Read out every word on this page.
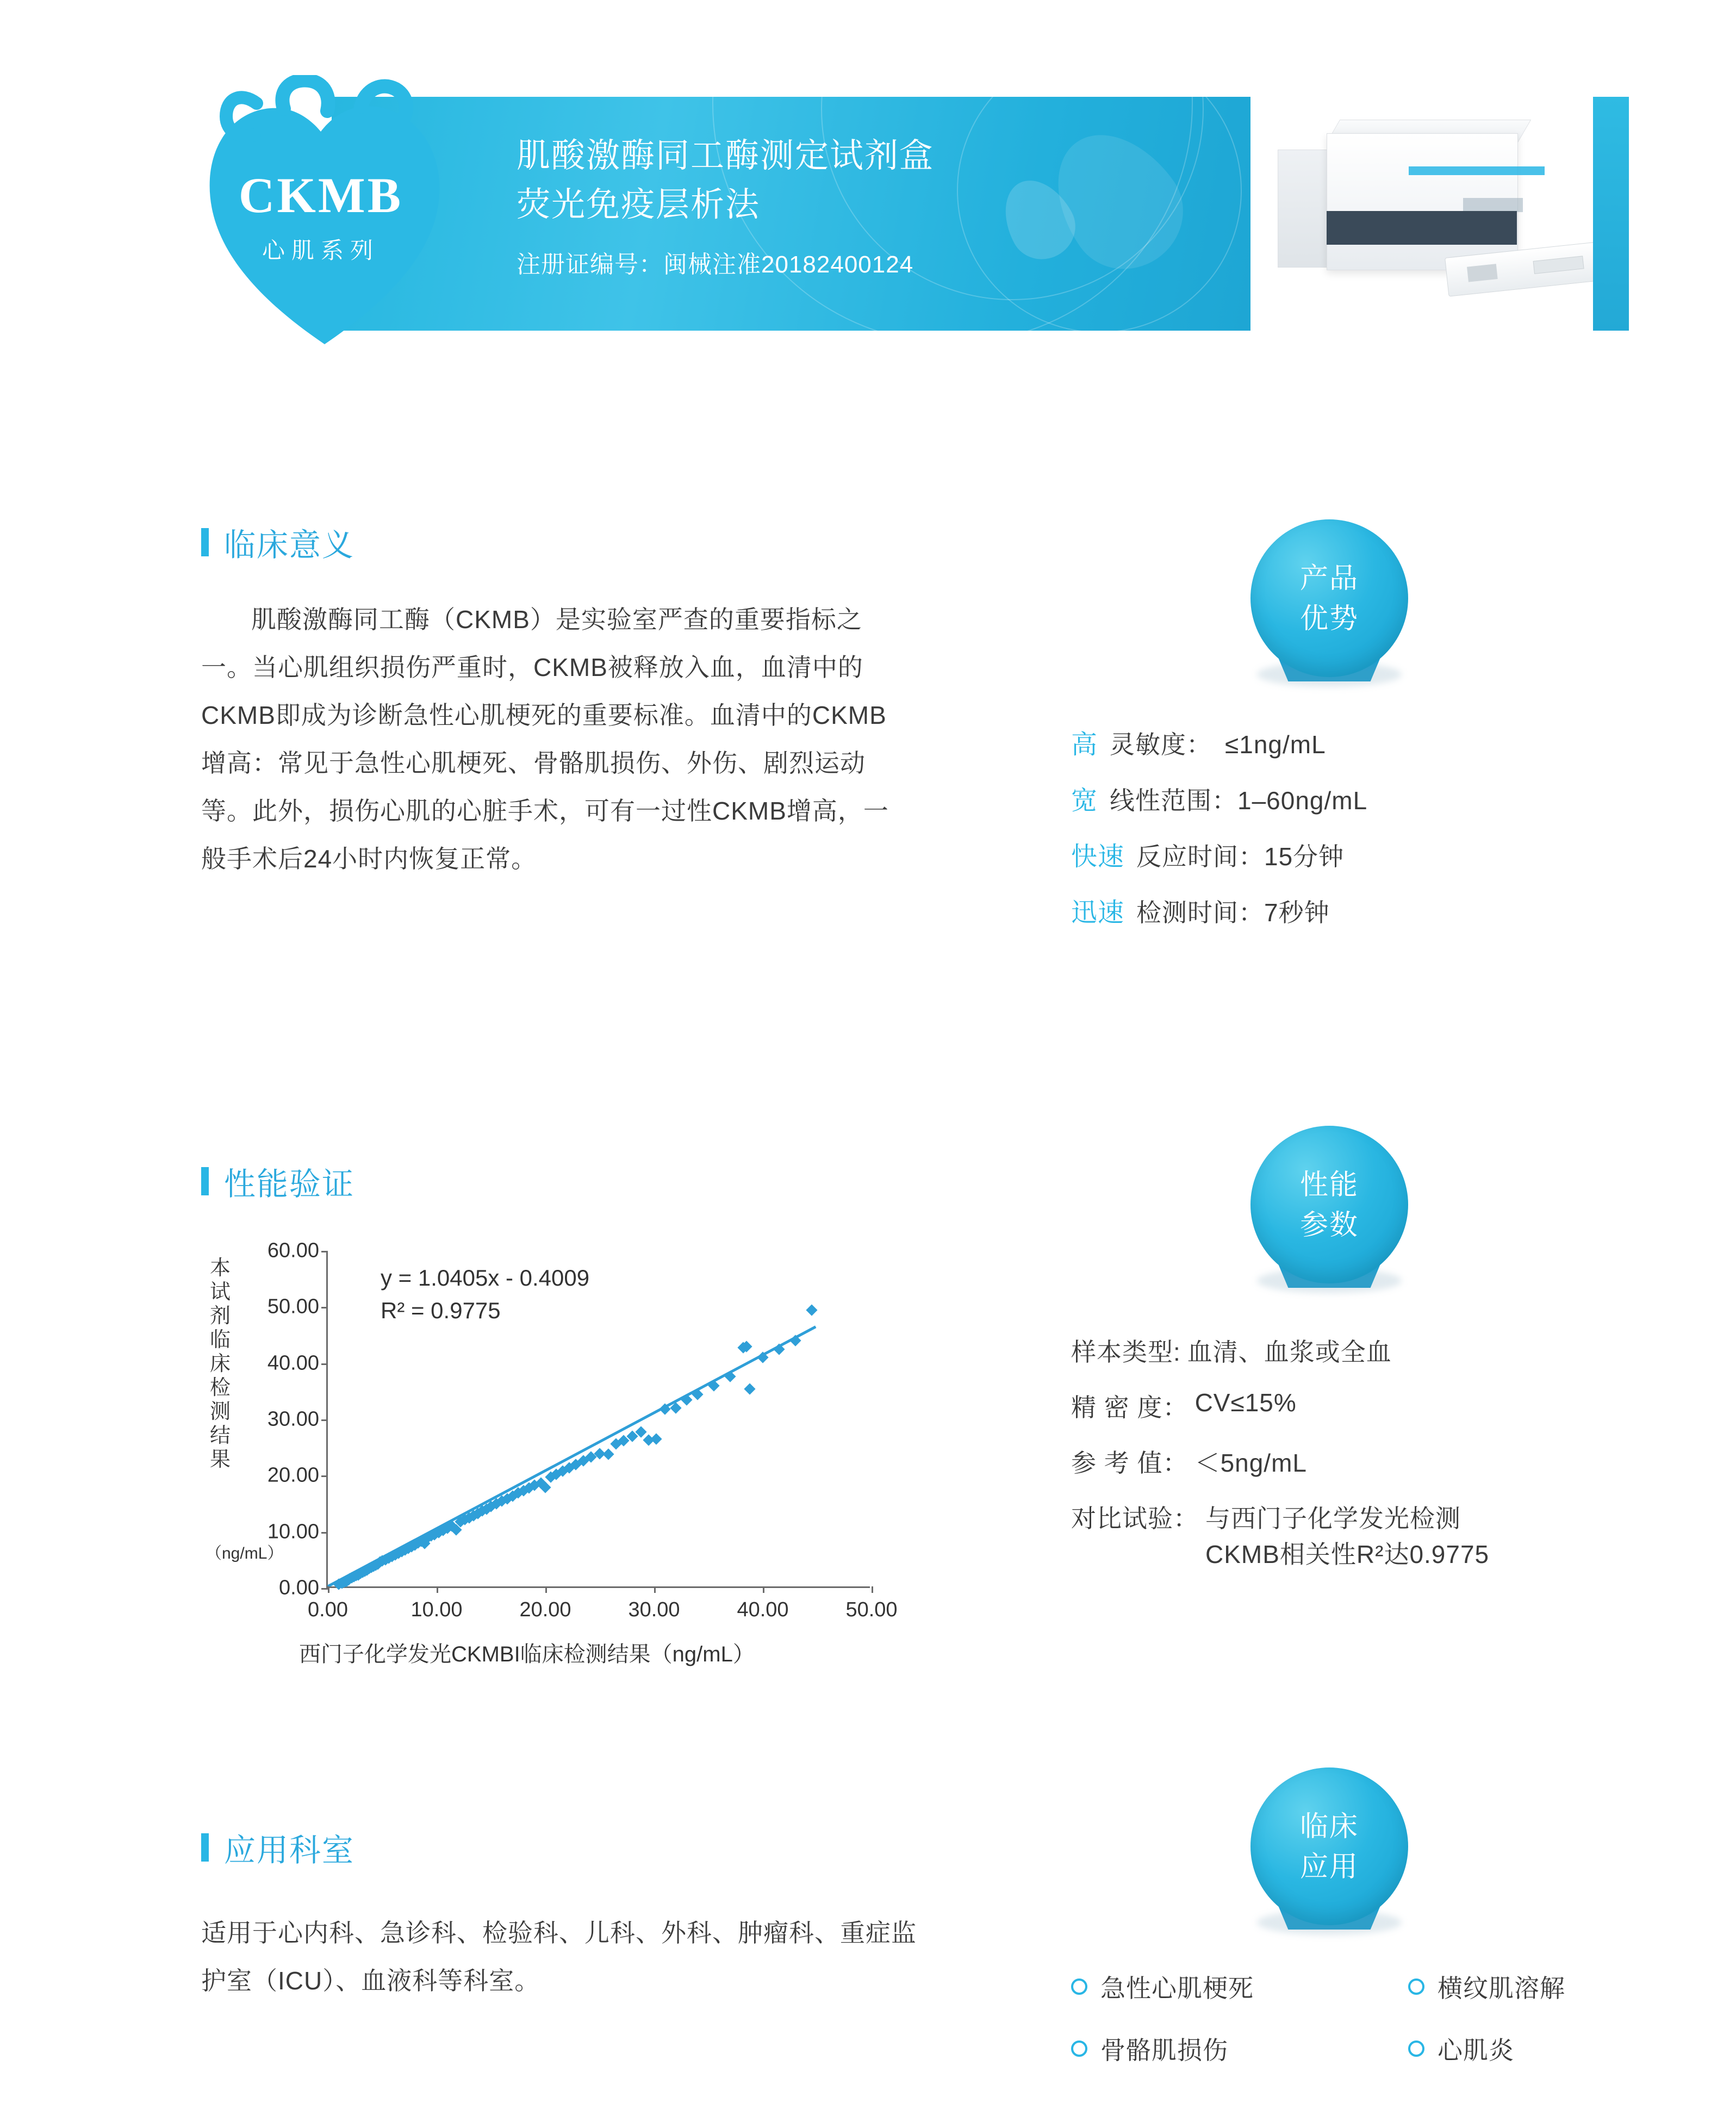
肌酸激酶同工酶测定试剂盒
荧光免疫层析法
注册证编号：闽械注准20182400124
CKMB
心肌系列
临床意义
肌酸激酶同工酶（CKMB）是实验室严查的重要指标之一。当心肌组织损伤严重时，CKMB被释放入血，血清中的CKMB即成为诊断急性心肌梗死的重要标准。血清中的CKMB增高：常见于急性心肌梗死、骨骼肌损伤、外伤、剧烈运动等。此外，损伤心肌的心脏手术，可有一过性CKMB增高，一般手术后24小时内恢复正常。
产品
优势
高 灵敏度：　≤1ng/mL
宽 线性范围：1–60ng/mL
快速 反应时间：15分钟
迅速 检测时间：7秒钟
性能验证
本试剂临床检测结果
（ng/mL）
y = 1.0405x - 0.4009
R² = 0.9775
0.00
10.00
20.00
30.00
40.00
50.00
60.00
0.00	10.00	20.00	30.00	40.00	50.00
西门子化学发光CKMBI临床检测结果（ng/mL）
性能
参数
样本类型: 血清、血浆或全血
精 密 度： CV≤15%
参 考 值： ＜5ng/mL
对比试验： 与西门子化学发光检测
CKMB相关性R²达0.9775
应用科室
适用于心内科、急诊科、检验科、儿科、外科、肿瘤科、重症监护室（ICU）、血液科等科室。
临床
应用
急性心肌梗死	横纹肌溶解
骨骼肌损伤	心肌炎
